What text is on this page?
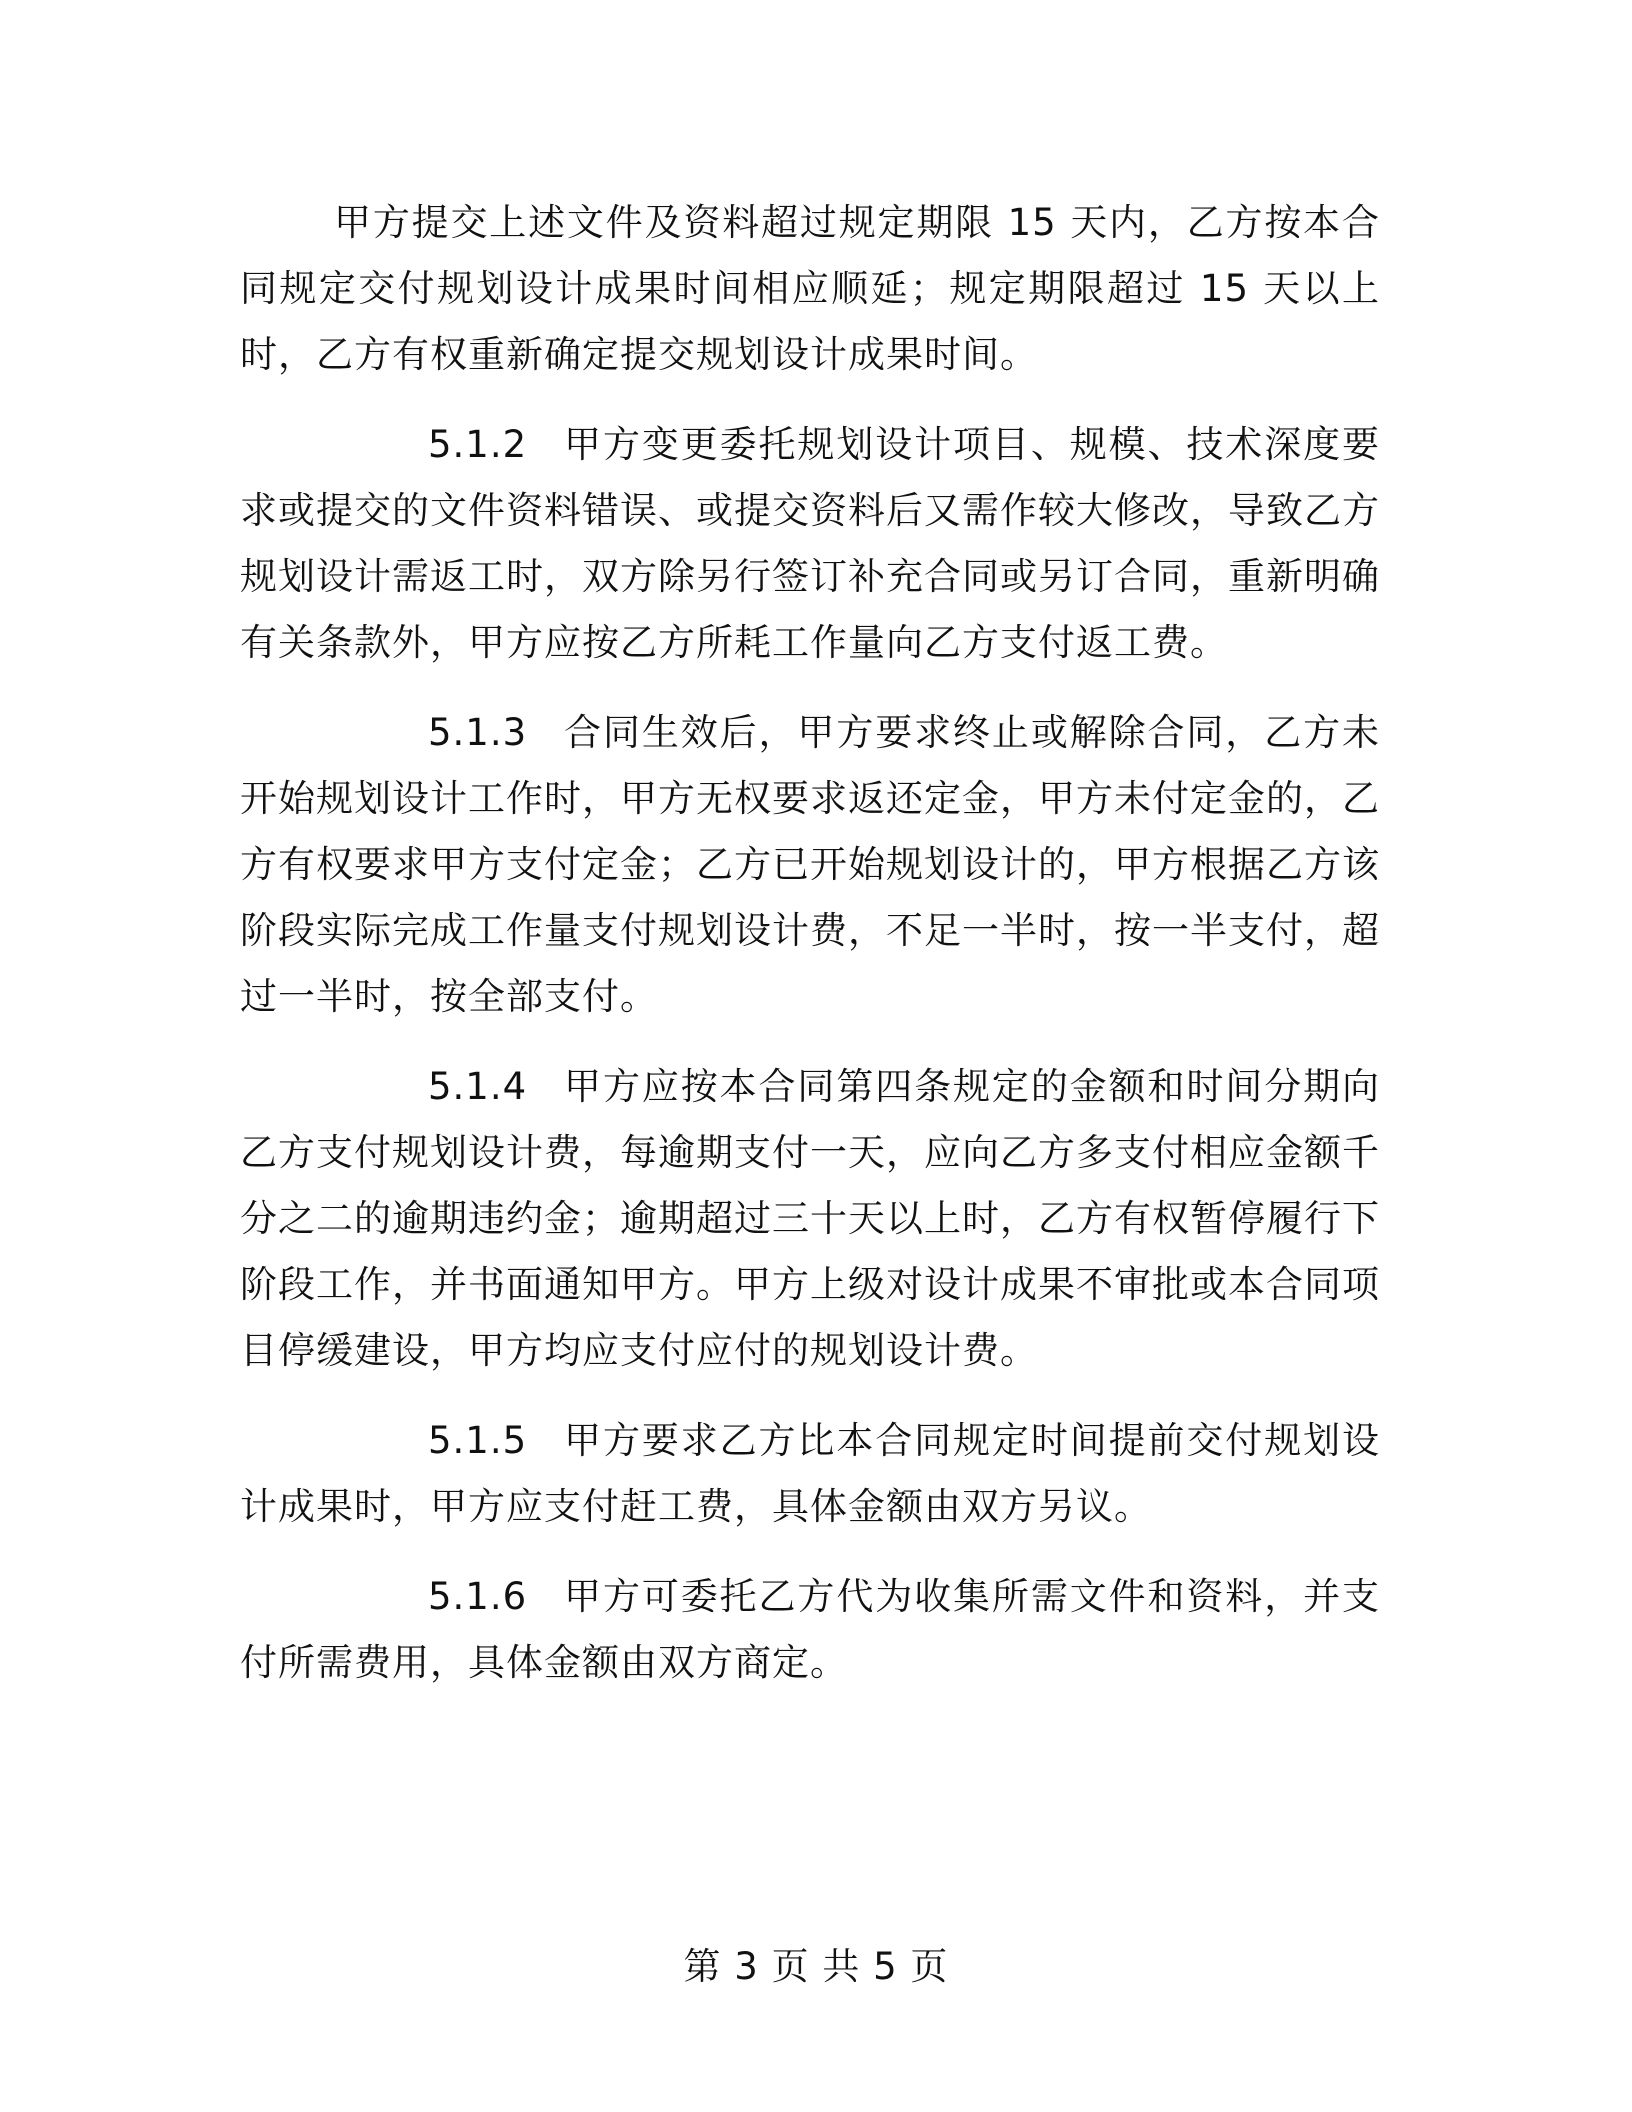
甲方提交上述文件及资料超过规定期限 15 天内，乙方按本合同规定交付规划设计成果时间相应顺延；规定期限超过 15 天以上时，乙方有权重新确定提交规划设计成果时间。

5.1.2 甲方变更委托规划设计项目、规模、技术深度要求或提交的文件资料错误、或提交资料后又需作较大修改，导致乙方规划设计需返工时，双方除另行签订补充合同或另订合同，重新明确有关条款外，甲方应按乙方所耗工作量向乙方支付返工费。

5.1.3 合同生效后，甲方要求终止或解除合同，乙方未开始规划设计工作时，甲方无权要求返还定金，甲方未付定金的，乙方有权要求甲方支付定金；乙方已开始规划设计的，甲方根据乙方该阶段实际完成工作量支付规划设计费，不足一半时，按一半支付，超过一半时，按全部支付。

5.1.4 甲方应按本合同第四条规定的金额和时间分期向乙方支付规划设计费，每逾期支付一天，应向乙方多支付相应金额千分之二的逾期违约金；逾期超过三十天以上时，乙方有权暂停履行下阶段工作，并书面通知甲方。甲方上级对设计成果不审批或本合同项目停缓建设，甲方均应支付应付的规划设计费。

5.1.5 甲方要求乙方比本合同规定时间提前交付规划设计成果时，甲方应支付赶工费，具体金额由双方另议。

5.1.6 甲方可委托乙方代为收集所需文件和资料，并支付所需费用，具体金额由双方商定。

第 3 页 共 5 页
